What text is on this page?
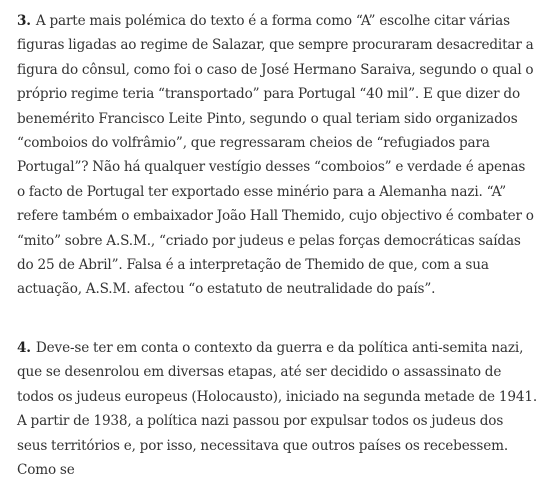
3. A parte mais polémica do texto é a forma como “A” escolhe citar várias figuras ligadas ao regime de Salazar, que sempre procuraram desacreditar a figura do cônsul, como foi o caso de José Hermano Saraiva, segundo o qual o próprio regime teria “transportado” para Portugal “40 mil”. E que dizer do benemérito Francisco Leite Pinto, segundo o qual teriam sido organizados “comboios do volfrâmio”, que regressaram cheios de “refugiados para Portugal”? Não há qualquer vestígio desses “comboios” e verdade é apenas o facto de Portugal ter exportado esse minério para a Alemanha nazi. “A” refere também o embaixador João Hall Themido, cujo objectivo é combater o “mito” sobre A.S.M., “criado por judeus e pelas forças democráticas saídas do 25 de Abril”. Falsa é a interpretação de Themido de que, com a sua actuação, A.S.M. afectou “o estatuto de neutralidade do país”.

4. Deve-se ter em conta o contexto da guerra e da política anti-semita nazi, que se desenrolou em diversas etapas, até ser decidido o assassinato de todos os judeus europeus (Holocausto), iniciado na segunda metade de 1941. A partir de 1938, a política nazi passou por expulsar todos os judeus dos seus territórios e, por isso, necessitava que outros países os recebessem. Como se
